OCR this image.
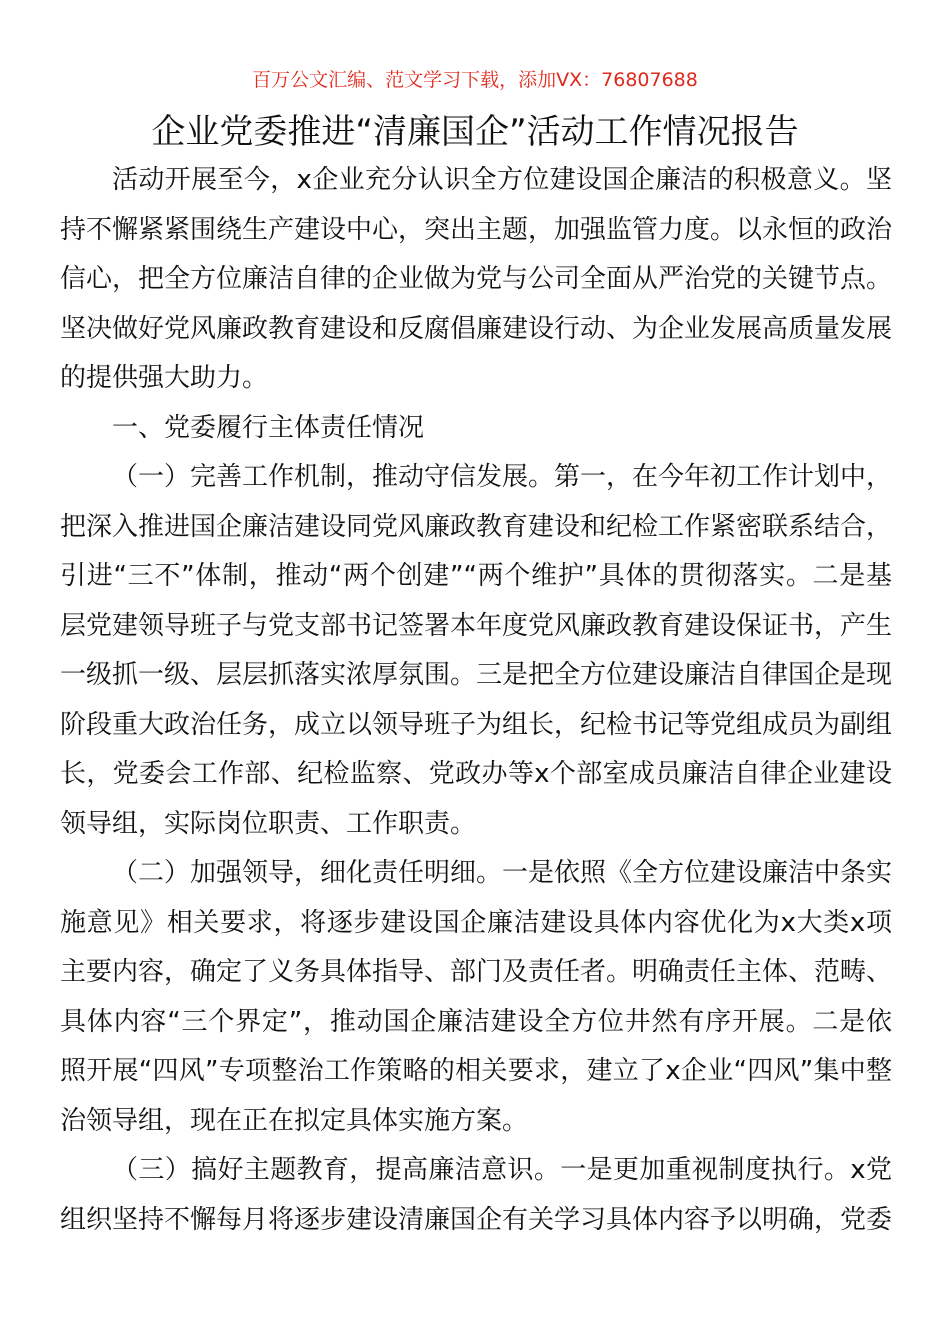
百万公文汇编、范文学习下载，添加VX：76807688
企业党委推进“清廉国企”活动工作情况报告

活动开展至今，x企业充分认识全方位建设国企廉洁的积极意义。坚持不懈紧紧围绕生产建设中心，突出主题，加强监管力度。以永恒的政治信心，把全方位廉洁自律的企业做为党与公司全面从严治党的关键节点。坚决做好党风廉政教育建设和反腐倡廉建设行动、为企业发展高质量发展的提供强大助力。

一、党委履行主体责任情况

（一）完善工作机制，推动守信发展。第一，在今年初工作计划中，把深入推进国企廉洁建设同党风廉政教育建设和纪检工作紧密联系结合，引进“三不”体制，推动“两个创建”“两个维护”具体的贯彻落实。二是基层党建领导班子与党支部书记签署本年度党风廉政教育建设保证书，产生一级抓一级、层层抓落实浓厚氛围。三是把全方位建设廉洁自律国企是现阶段重大政治任务，成立以领导班子为组长，纪检书记等党组成员为副组长，党委会工作部、纪检监察、党政办等x个部室成员廉洁自律企业建设领导组，实际岗位职责、工作职责。

（二）加强领导，细化责任明细。一是依照《全方位建设廉洁中条实施意见》相关要求，将逐步建设国企廉洁建设具体内容优化为x大类x项主要内容，确定了义务具体指导、部门及责任者。明确责任主体、范畴、具体内容“三个界定”，推动国企廉洁建设全方位井然有序开展。二是依照开展“四风”专项整治工作策略的相关要求，建立了x企业“四风”集中整治领导组，现在正在拟定具体实施方案。

（三）搞好主题教育，提高廉洁意识。一是更加重视制度执行。x党组织坚持不懈每月将逐步建设清廉国企有关学习具体内容予以明确，党委
